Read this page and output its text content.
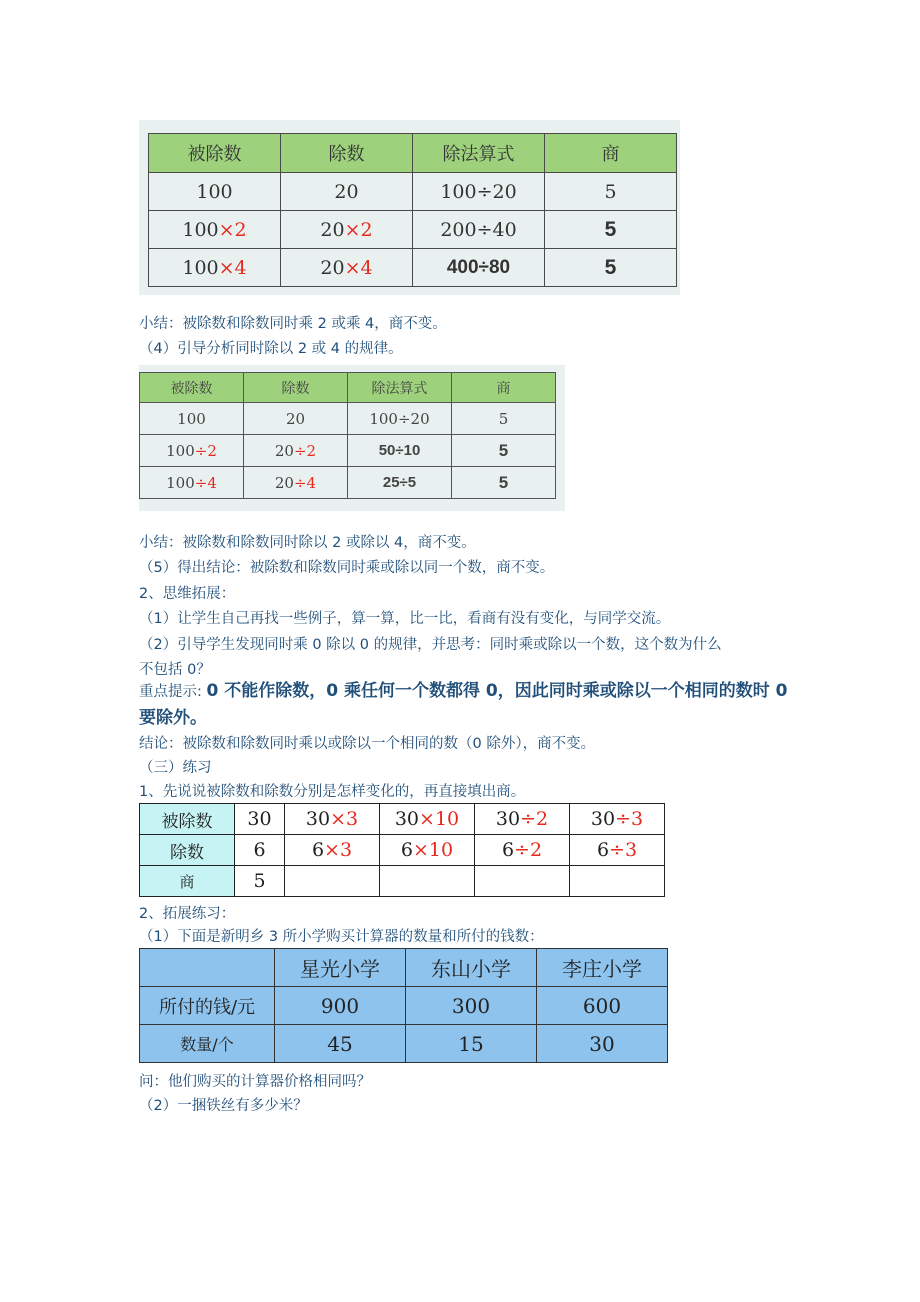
被除数	除数	除法算式	商
100	20	100÷20	5
100×2	20×2	200÷40	5
100×4	20×4	400÷80	5
小结：被除数和除数同时乘 2 或乘 4，商不变。
（4）引导分析同时除以 2 或 4 的规律。
被除数	除数	除法算式	商
100	20	100÷20	5
100÷2	20÷2	50÷10	5
100÷4	20÷4	25÷5	5
小结：被除数和除数同时除以 2 或除以 4，商不变。
（5）得出结论：被除数和除数同时乘或除以同一个数，商不变。
2、思维拓展：
（1）让学生自己再找一些例子，算一算，比一比，看商有没有变化，与同学交流。
（2）引导学生发现同时乘 0 除以 0 的规律，并思考：同时乘或除以一个数，这个数为什么
不包括 0？
重点提示: 0 不能作除数，0 乘任何一个数都得 0，因此同时乘或除以一个相同的数时 0 要除外。
结论：被除数和除数同时乘以或除以一个相同的数（0 除外），商不变。
（三）练习
1、先说说被除数和除数分别是怎样变化的，再直接填出商。
被除数	30	30×3	30×10	30÷2	30÷3
除数	6	6×3	6×10	6÷2	6÷3
商	5				
2、拓展练习：
（1）下面是新明乡 3 所小学购买计算器的数量和所付的钱数：
	星光小学	东山小学	李庄小学
所付的钱/元	900	300	600
数量/个	45	15	30
问：他们购买的计算器价格相同吗？
（2）一捆铁丝有多少米？
